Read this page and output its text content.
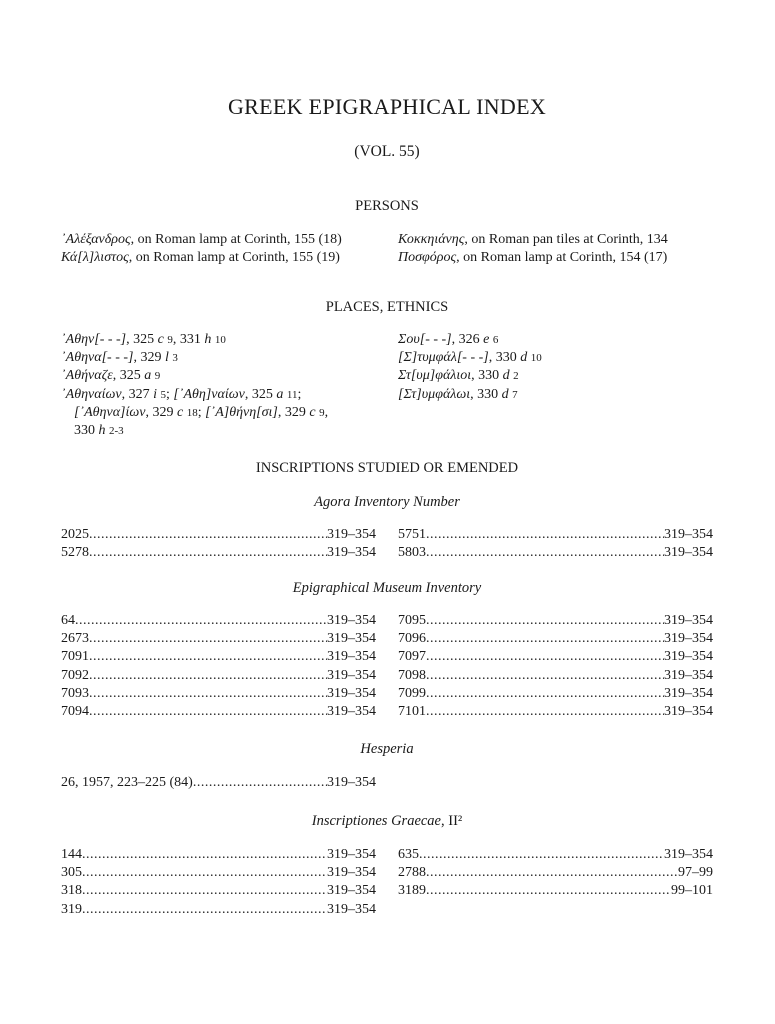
GREEK EPIGRAPHICAL INDEX
(VOL. 55)
PERSONS
᾿Αλέξανδρος, on Roman lamp at Corinth, 155 (18)
Κά[λ]λιστος, on Roman lamp at Corinth, 155 (19)
Κοκκηιάνης, on Roman pan tiles at Corinth, 134
Ποσφόρος, on Roman lamp at Corinth, 154 (17)
PLACES, ETHNICS
᾿Αθην[- - -], 325 c 9, 331 h 10
᾿Αθηνα[- - -], 329 l 3
᾿Αθήναζε, 325 a 9
᾿Αθηναίων, 327 i 5; [᾿Αθη]ναίων, 325 a 11;
[᾿Αθηνα]ίων, 329 c 18; [᾿Α]θήνη[σι], 329 c 9,
330 h 2-3
Σου[- - -], 326 e 6
[Σ]τυμφάλ[- - -], 330 d 10
Στ[υμ]φάλιοι, 330 d 2
[Στ]υμφάλωι, 330 d 7
INSCRIPTIONS STUDIED OR EMENDED
Agora Inventory Number
2025 .....	319–354
5278 .....	319–354
5751 .....	319–354
5803 .....	319–354
Epigraphical Museum Inventory
64 .....	319–354
2673 .....	319–354
7091 .....	319–354
7092 .....	319–354
7093 .....	319–354
7094 .....	319–354
7095 .....	319–354
7096 .....	319–354
7097 .....	319–354
7098 .....	319–354
7099 .....	319–354
7101 .....	319–354
Hesperia
26, 1957, 223–225 (84) .....	319–354
Inscriptiones Graecae, II²
144 .....	319–354
305 .....	319–354
318 .....	319–354
319 .....	319–354
635 .....	319–354
2788 .....	97–99
3189 .....	99–101
